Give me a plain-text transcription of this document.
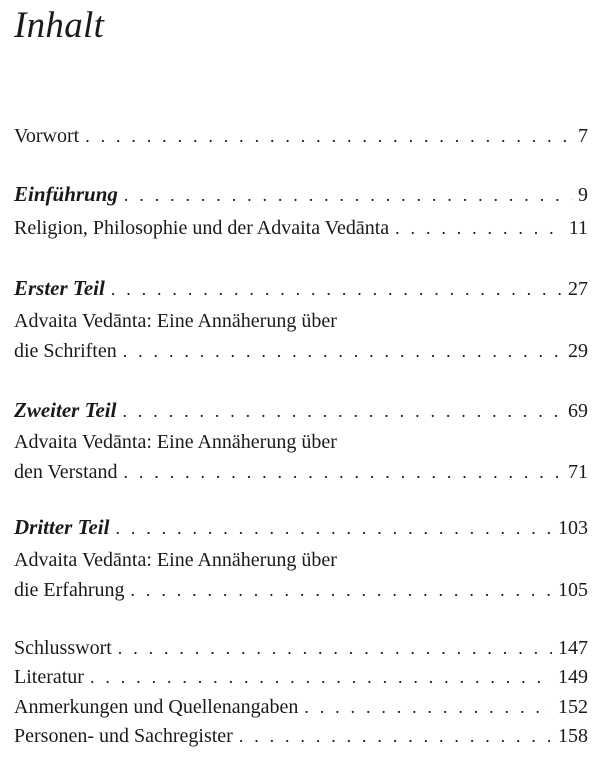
Inhalt
Vorwort . . .	7
Einführung . . .	9
Religion, Philosophie und der Advaita Vedānta . . .	11
Erster Teil . . .	27
Advaita Vedānta: Eine Annäherung über
die Schriften . . .	29
Zweiter Teil . . .	69
Advaita Vedānta: Eine Annäherung über
den Verstand . . .	71
Dritter Teil . . .	103
Advaita Vedānta: Eine Annäherung über
die Erfahrung . . .	105
Schlusswort . . .	147
Literatur . . .	149
Anmerkungen und Quellenangaben . . .	152
Personen- und Sachregister . . .	158
